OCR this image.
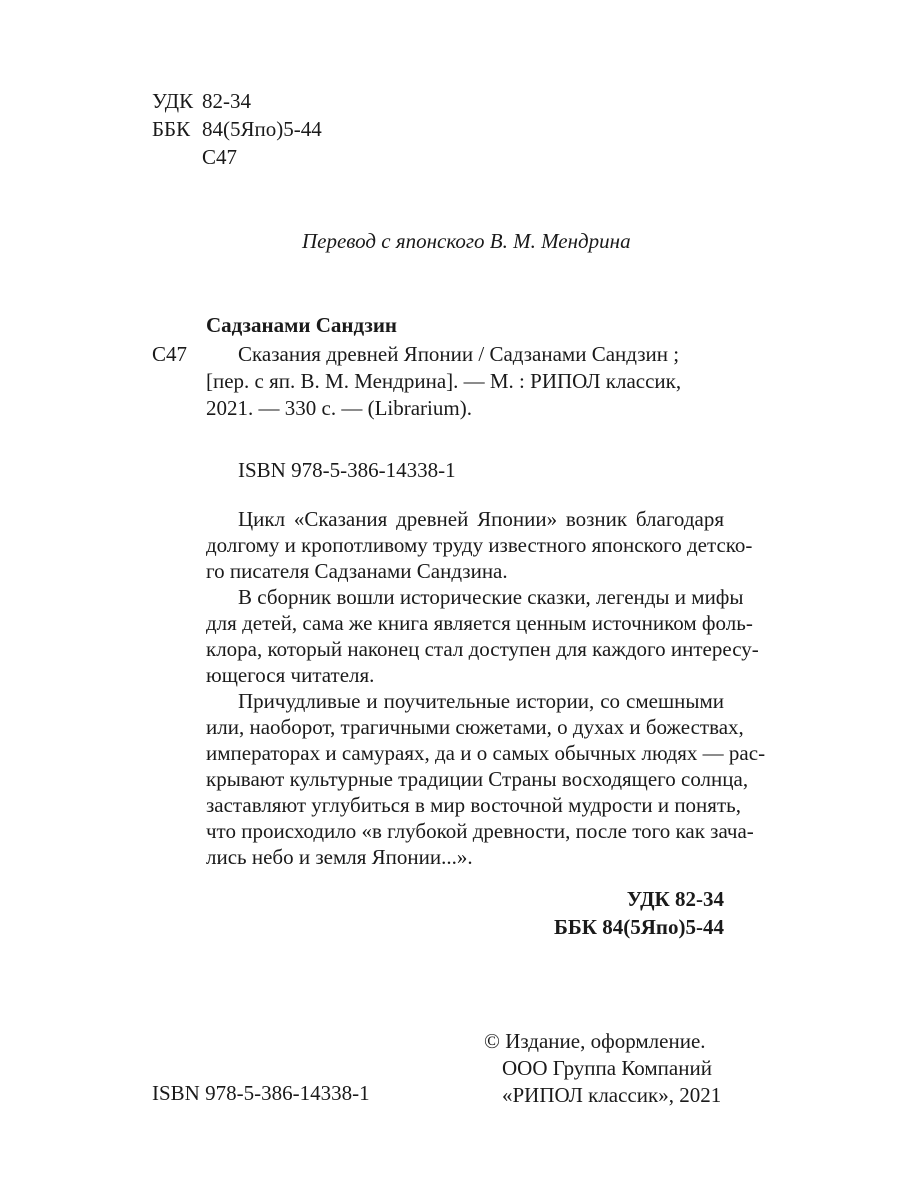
УДК 82-34
ББК 84(5Япо)5-44
С47
Перевод с японского В. М. Мендрина
Садзанами Сандзин
С47	Сказания древней Японии / Садзанами Сандзин ;
[пер. с яп. В. М. Мендрина]. — М. : РИПОЛ классик,
2021. — 330 с. — (Librarium).
ISBN 978-5-386-14338-1
Цикл «Сказания древней Японии» возник благодаря
долгому и кропотливому труду известного японского детско-
го писателя Садзанами Сандзина.
В сборник вошли исторические сказки, легенды и мифы
для детей, сама же книга является ценным источником фоль-
клора, который наконец стал доступен для каждого интересу-
ющегося читателя.
Причудливые и поучительные истории, со смешными
или, наоборот, трагичными сюжетами, о духах и божествах,
императорах и самураях, да и о самых обычных людях — рас-
крывают культурные традиции Страны восходящего солнца,
заставляют углубиться в мир восточной мудрости и понять,
что происходило «в глубокой древности, после того как зача-
лись небо и земля Японии...».
УДК 82-34
ББК 84(5Япо)5-44
© Издание, оформление.
ООО Группа Компаний
«РИПОЛ классик», 2021
ISBN 978-5-386-14338-1
